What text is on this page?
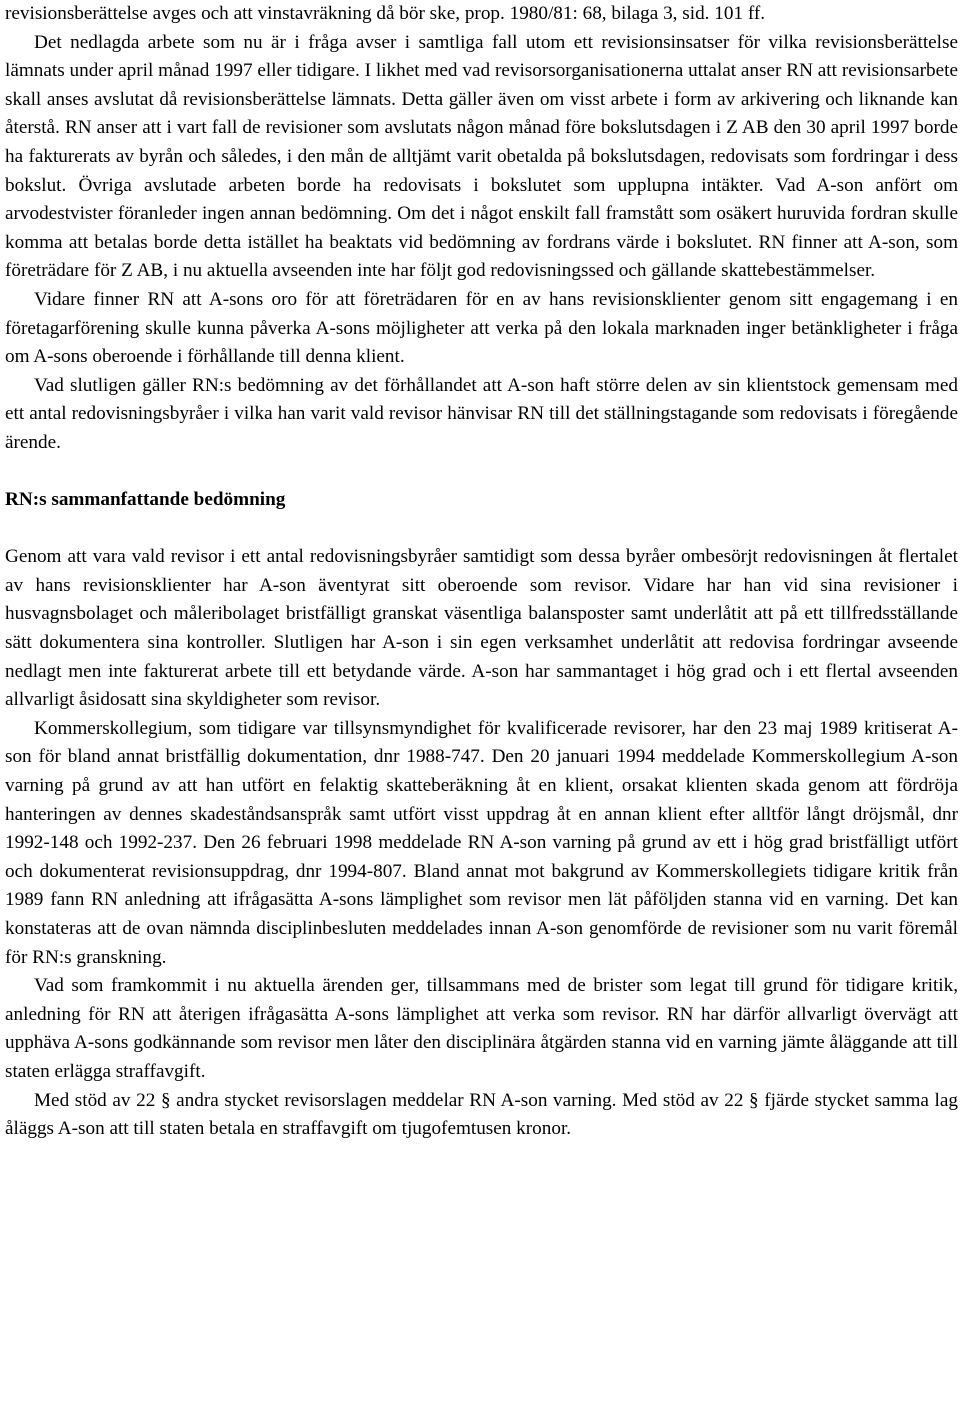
revisionsberättelse avges och att vinstavräkning då bör ske, prop. 1980/81: 68, bilaga 3, sid. 101 ff.

Det nedlagda arbete som nu är i fråga avser i samtliga fall utom ett revisionsinsatser för vilka revisionsberättelse lämnats under april månad 1997 eller tidigare. I likhet med vad revisorsorganisationerna uttalat anser RN att revisionsarbete skall anses avslutat då revisionsberättelse lämnats. Detta gäller även om visst arbete i form av arkivering och liknande kan återstå. RN anser att i vart fall de revisioner som avslutats någon månad före bokslutsdagen i Z AB den 30 april 1997 borde ha fakturerats av byrån och således, i den mån de alltjämt varit obetalda på bokslutsdagen, redovisats som fordringar i dess bokslut. Övriga avslutade arbeten borde ha redovisats i bokslutet som upplupna intäkter. Vad A-son anfört om arvodestvister föranleder ingen annan bedömning. Om det i något enskilt fall framstått som osäkert huruvida fordran skulle komma att betalas borde detta istället ha beaktats vid bedömning av fordrans värde i bokslutet. RN finner att A-son, som företrädare för Z AB, i nu aktuella avseenden inte har följt god redovisningssed och gällande skattebestämmelser.

Vidare finner RN att A-sons oro för att företrädaren för en av hans revisionsklienter genom sitt engagemang i en företagarförening skulle kunna påverka A-sons möjligheter att verka på den lokala marknaden inger betänkligheter i fråga om A-sons oberoende i förhållande till denna klient.

Vad slutligen gäller RN:s bedömning av det förhållandet att A-son haft större delen av sin klientstock gemensam med ett antal redovisningsbyråer i vilka han varit vald revisor hänvisar RN till det ställningstagande som redovisats i föregående ärende.

RN:s sammanfattande bedömning

Genom att vara vald revisor i ett antal redovisningsbyråer samtidigt som dessa byråer ombesörjt redovisningen åt flertalet av hans revisionsklienter har A-son äventyrat sitt oberoende som revisor. Vidare har han vid sina revisioner i husvagnsbolaget och måleribolaget bristfälligt granskat väsentliga balansposter samt underlåtit att på ett tillfredsställande sätt dokumentera sina kontroller. Slutligen har A-son i sin egen verksamhet underlåtit att redovisa fordringar avseende nedlagt men inte fakturerat arbete till ett betydande värde. A-son har sammantaget i hög grad och i ett flertal avseenden allvarligt åsidosatt sina skyldigheter som revisor.

Kommerskollegium, som tidigare var tillsynsmyndighet för kvalificerade revisorer, har den 23 maj 1989 kritiserat A-son för bland annat bristfällig dokumentation, dnr 1988-747. Den 20 januari 1994 meddelade Kommerskollegium A-son varning på grund av att han utfört en felaktig skatteberäkning åt en klient, orsakat klienten skada genom att fördröja hanteringen av dennes skadeståndsanspråk samt utfört visst uppdrag åt en annan klient efter alltför långt dröjsmål, dnr 1992-148 och 1992-237. Den 26 februari 1998 meddelade RN A-son varning på grund av ett i hög grad bristfälligt utfört och dokumenterat revisionsuppdrag, dnr 1994-807. Bland annat mot bakgrund av Kommerskollegiets tidigare kritik från 1989 fann RN anledning att ifrågasätta A-sons lämplighet som revisor men lät påföljden stanna vid en varning. Det kan konstateras att de ovan nämnda disciplinbesluten meddelades innan A-son genomförde de revisioner som nu varit föremål för RN:s granskning.

Vad som framkommit i nu aktuella ärenden ger, tillsammans med de brister som legat till grund för tidigare kritik, anledning för RN att återigen ifrågasätta A-sons lämplighet att verka som revisor. RN har därför allvarligt övervägt att upphäva A-sons godkännande som revisor men låter den disciplinära åtgärden stanna vid en varning jämte åläggande att till staten erlägga straffavgift.

Med stöd av 22 § andra stycket revisorslagen meddelar RN A-son varning. Med stöd av 22 § fjärde stycket samma lag åläggs A-son att till staten betala en straffavgift om tjugofemtusen kronor.
